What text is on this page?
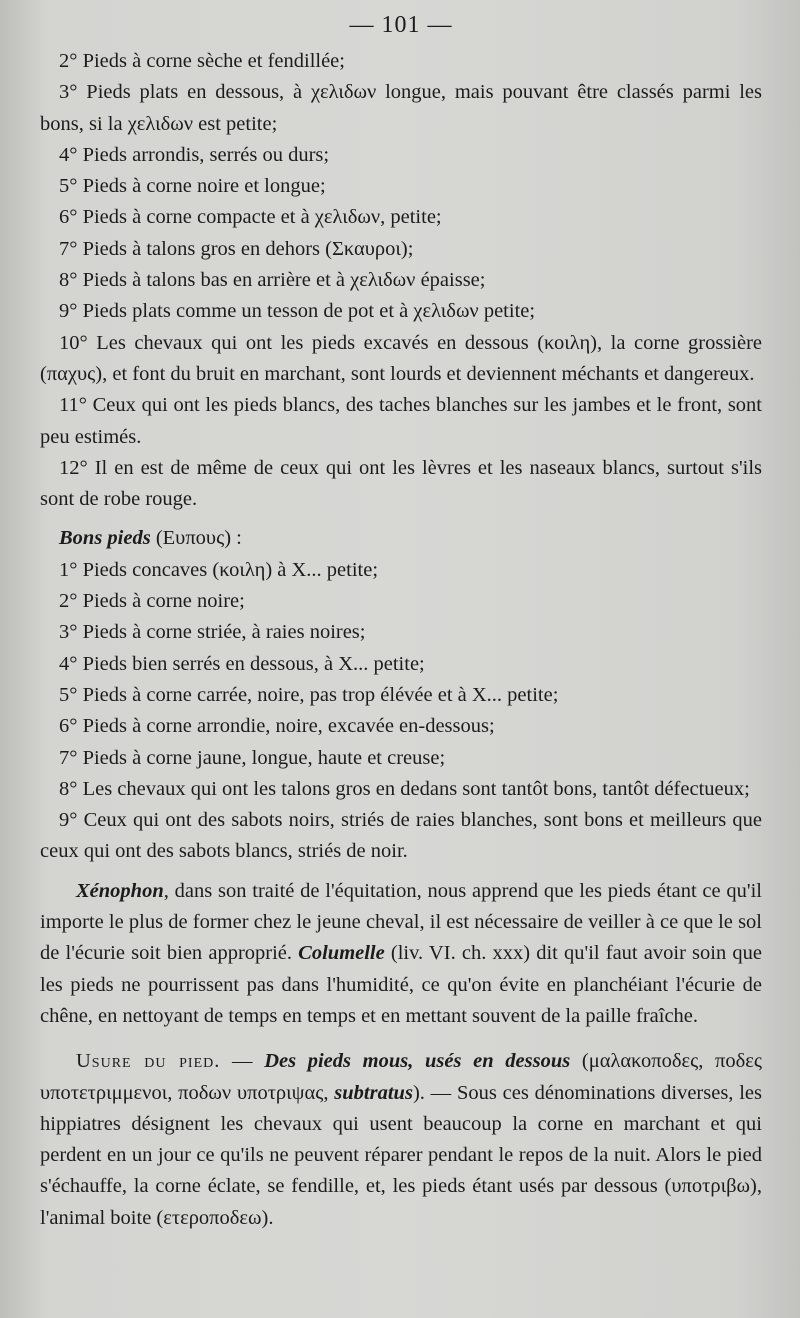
— 101 —

2° Pieds à corne sèche et fendillée;

3° Pieds plats en dessous, à χελιδων longue, mais pouvant être classés parmi les bons, si la χελιδων est petite;

4° Pieds arrondis, serrés ou durs;

5° Pieds à corne noire et longue;

6° Pieds à corne compacte et à χελιδων, petite;

7° Pieds à talons gros en dehors (Σκαυροι);

8° Pieds à talons bas en arrière et à χελιδων épaisse;

9° Pieds plats comme un tesson de pot et à χελιδων petite;

10° Les chevaux qui ont les pieds excavés en dessous (κοιλη), la corne grossière (παχυς), et font du bruit en marchant, sont lourds et deviennent méchants et dangereux.

11° Ceux qui ont les pieds blancs, des taches blanches sur les jambes et le front, sont peu estimés.

12° Il en est de même de ceux qui ont les lèvres et les naseaux blancs, surtout s'ils sont de robe rouge.

Bons pieds (Ευπους) :

1° Pieds concaves (κοιλη) à X... petite;

2° Pieds à corne noire;

3° Pieds à corne striée, à raies noires;

4° Pieds bien serrés en dessous, à X... petite;

5° Pieds à corne carrée, noire, pas trop élévée et à X... petite;

6° Pieds à corne arrondie, noire, excavée en-dessous;

7° Pieds à corne jaune, longue, haute et creuse;

8° Les chevaux qui ont les talons gros en dedans sont tantôt bons, tantôt défectueux;

9° Ceux qui ont des sabots noirs, striés de raies blanches, sont bons et meilleurs que ceux qui ont des sabots blancs, striés de noir.

Xénophon, dans son traité de l'équitation, nous apprend que les pieds étant ce qu'il importe le plus de former chez le jeune cheval, il est nécessaire de veiller à ce que le sol de l'écurie soit bien approprié. Columelle (liv. VI. ch. xxx) dit qu'il faut avoir soin que les pieds ne pourrissent pas dans l'humidité, ce qu'on évite en planchéiant l'écurie de chêne, en nettoyant de temps en temps et en mettant souvent de la paille fraîche.

Usure du pied. — Des pieds mous, usés en dessous (μαλακοποδες, ποδες υποτετριμμενοι, ποδων υποτριψας, subtratus). — Sous ces dénominations diverses, les hippiatres désignent les chevaux qui usent beaucoup la corne en marchant et qui perdent en un jour ce qu'ils ne peuvent réparer pendant le repos de la nuit. Alors le pied s'échauffe, la corne éclate, se fendille, et, les pieds étant usés par dessous (υποτριβω), l'animal boite (ετεροποδεω).
